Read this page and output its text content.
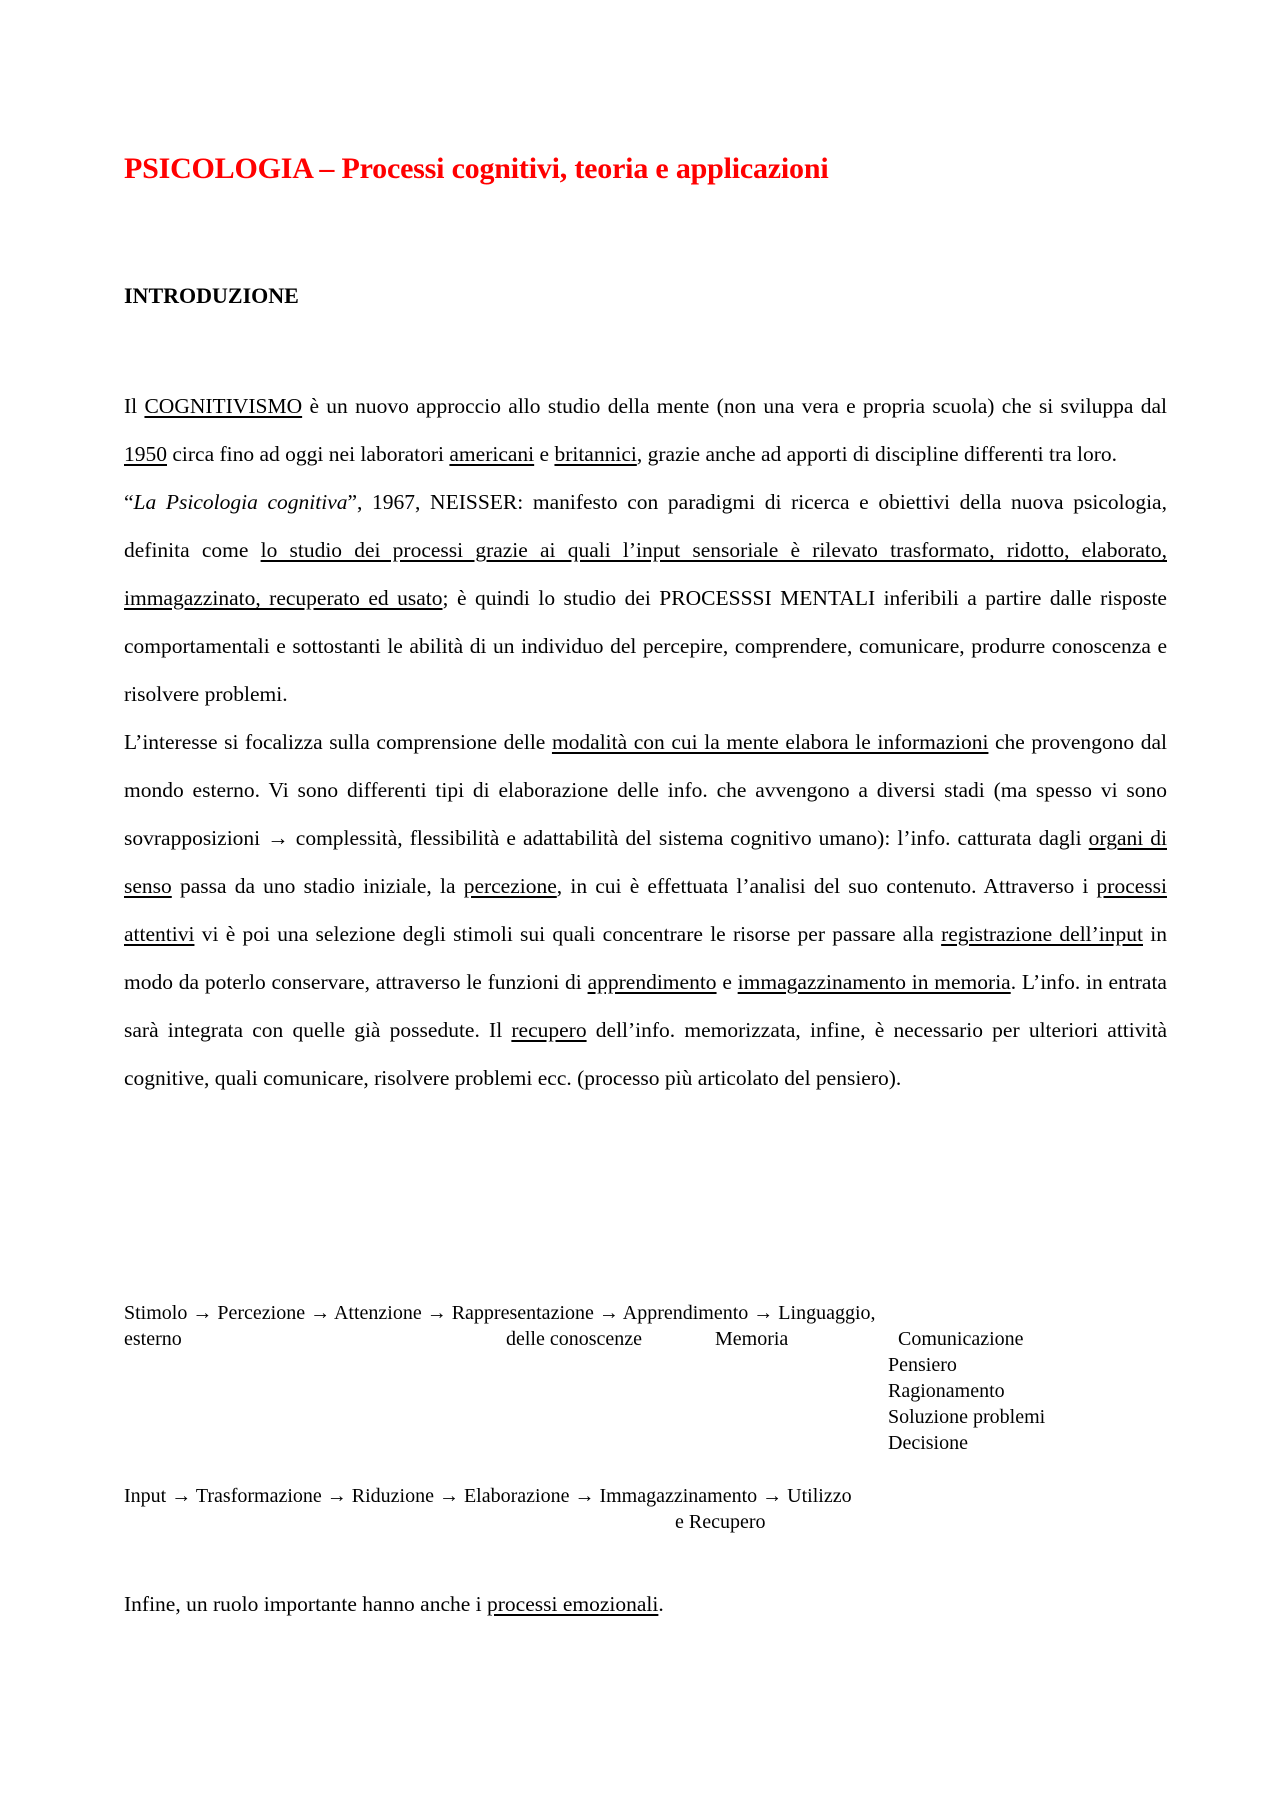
PSICOLOGIA – Processi cognitivi, teoria e applicazioni
INTRODUZIONE

Il COGNITIVISMO è un nuovo approccio allo studio della mente (non una vera e propria scuola) che si sviluppa dal 1950 circa fino ad oggi nei laboratori americani e britannici, grazie anche ad apporti di discipline differenti tra loro.

“La Psicologia cognitiva”, 1967, NEISSER: manifesto con paradigmi di ricerca e obiettivi della nuova psicologia, definita come lo studio dei processi grazie ai quali l’input sensoriale è rilevato trasformato, ridotto, elaborato, immagazzinato, recuperato ed usato; è quindi lo studio dei PROCESSSI MENTALI inferibili a partire dalle risposte comportamentali e sottostanti le abilità di un individuo del percepire, comprendere, comunicare, produrre conoscenza e risolvere problemi.

L’interesse si focalizza sulla comprensione delle modalità con cui la mente elabora le informazioni che provengono dal mondo esterno. Vi sono differenti tipi di elaborazione delle info. che avvengono a diversi stadi (ma spesso vi sono sovrapposizioni → complessità, flessibilità e adattabilità del sistema cognitivo umano): l’info. catturata dagli organi di senso passa da uno stadio iniziale, la percezione, in cui è effettuata l’analisi del suo contenuto. Attraverso i processi attentivi vi è poi una selezione degli stimoli sui quali concentrare le risorse per passare alla registrazione dell’input in modo da poterlo conservare, attraverso le funzioni di apprendimento e immagazzinamento in memoria. L’info. in entrata sarà integrata con quelle già possedute. Il recupero dell’info. memorizzata, infine, è necessario per ulteriori attività cognitive, quali comunicare, risolvere problemi ecc. (processo più articolato del pensiero).

Stimolo → Percezione → Attenzione → Rappresentazione → Apprendimento → Linguaggio,
esterno	delle conoscenze	Memoria	Comunicazione
Pensiero
Ragionamento
Soluzione problemi
Decisione
Input → Trasformazione → Riduzione → Elaborazione → Immagazzinamento → Utilizzo
e Recupero

Infine, un ruolo importante hanno anche i processi emozionali.
